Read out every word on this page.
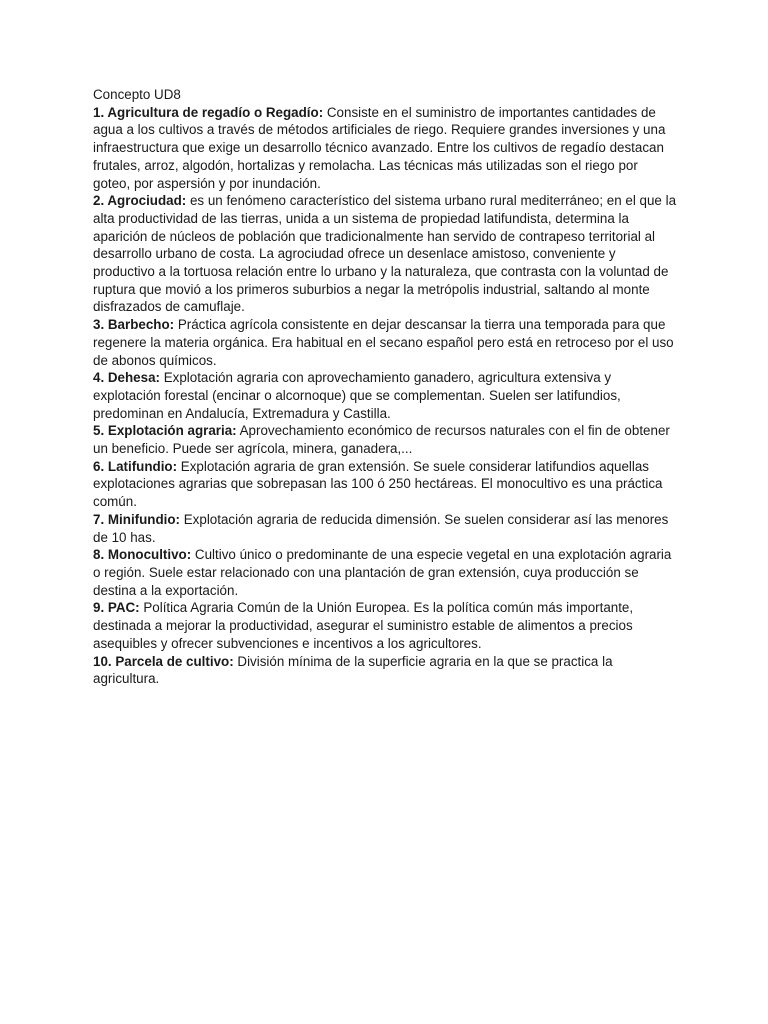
Concepto UD8

1. Agricultura de regadío o Regadío: Consiste en el suministro de importantes cantidades de agua a los cultivos a través de métodos artificiales de riego. Requiere grandes inversiones y una infraestructura que exige un desarrollo técnico avanzado. Entre los cultivos de regadío destacan frutales, arroz, algodón, hortalizas y remolacha. Las técnicas más utilizadas son el riego por goteo, por aspersión y por inundación.

2. Agrociudad: es un fenómeno característico del sistema urbano rural mediterráneo; en el que la alta productividad de las tierras, unida a un sistema de propiedad latifundista, determina la aparición de núcleos de población que tradicionalmente han servido de contrapeso territorial al desarrollo urbano de costa. La agrociudad ofrece un desenlace amistoso, conveniente y productivo a la tortuosa relación entre lo urbano y la naturaleza, que contrasta con la voluntad de ruptura que movió a los primeros suburbios a negar la metrópolis industrial, saltando al monte disfrazados de camuflaje.

3. Barbecho: Práctica agrícola consistente en dejar descansar la tierra una temporada para que regenere la materia orgánica. Era habitual en el secano español pero está en retroceso por el uso de abonos químicos.

4. Dehesa: Explotación agraria con aprovechamiento ganadero, agricultura extensiva y explotación forestal (encinar o alcornoque) que se complementan. Suelen ser latifundios, predominan en Andalucía, Extremadura y Castilla.

5. Explotación agraria: Aprovechamiento económico de recursos naturales con el fin de obtener un beneficio. Puede ser agrícola, minera, ganadera,...

6. Latifundio: Explotación agraria de gran extensión. Se suele considerar latifundios aquellas explotaciones agrarias que sobrepasan las 100 ó 250 hectáreas. El monocultivo es una práctica común.

7. Minifundio: Explotación agraria de reducida dimensión. Se suelen considerar así las menores de 10 has.

8. Monocultivo: Cultivo único o predominante de una especie vegetal en una explotación agraria o región. Suele estar relacionado con una plantación de gran extensión, cuya producción se destina a la exportación.

9. PAC: Política Agraria Común de la Unión Europea. Es la política común más importante, destinada a mejorar la productividad, asegurar el suministro estable de alimentos a precios asequibles y ofrecer subvenciones e incentivos a los agricultores.

10. Parcela de cultivo: División mínima de la superficie agraria en la que se practica la agricultura.
